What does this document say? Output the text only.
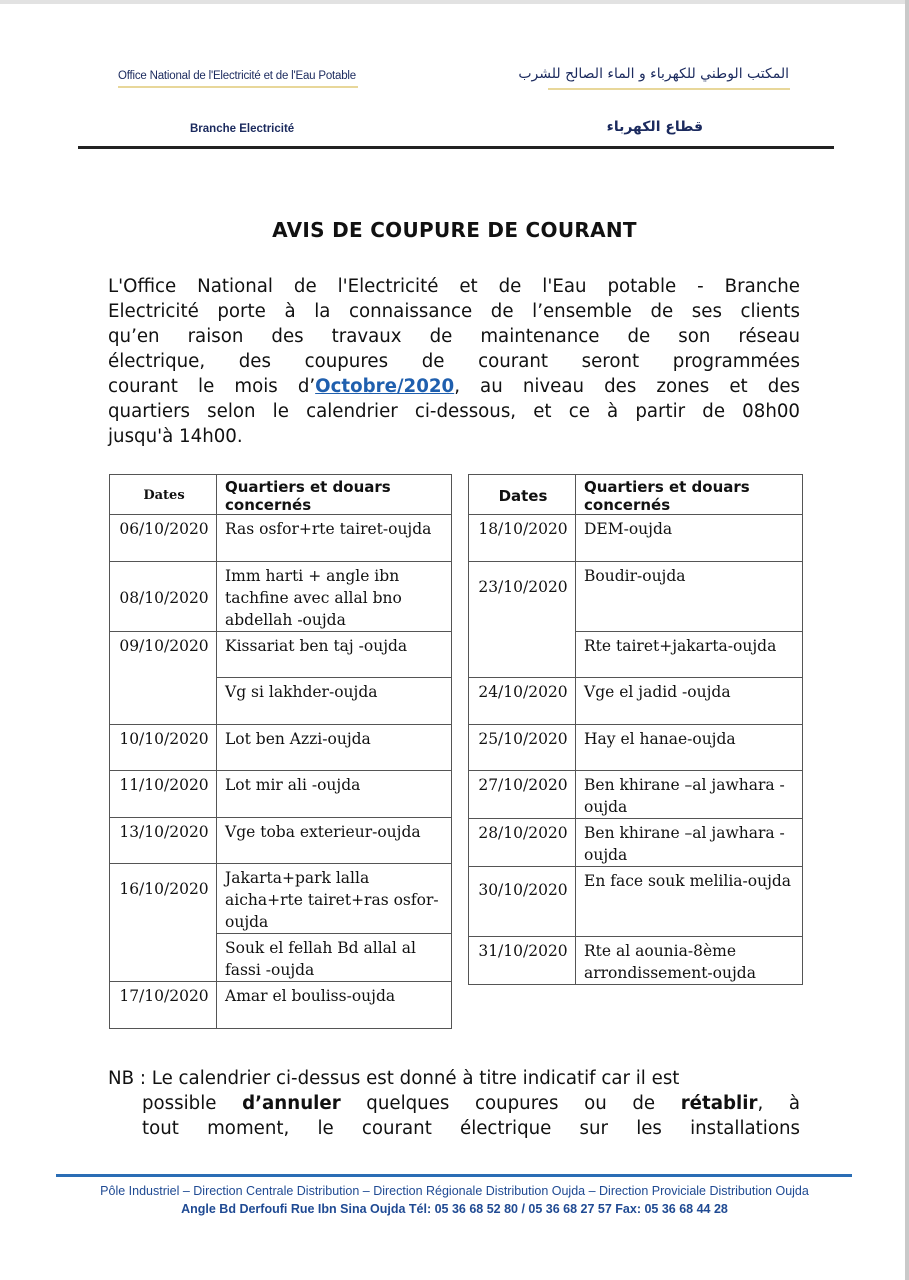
Office National de l'Electricité et de l'Eau Potable
Branche Electricité
المكتب الوطني للكهرباء و الماء الصالح للشرب
قطاع الكهرباء
AVIS DE COUPURE DE COURANT
L'Office National de l'Electricité et de l'Eau potable - Branche
Electricité porte à la connaissance de l’ensemble de ses clients
qu’en raison des travaux de maintenance de son réseau
électrique, des coupures de courant seront programmées
courant le mois d’Octobre/2020, au niveau des zones et des
quartiers selon le calendrier ci-dessous, et ce à partir de 08h00
jusqu'à 14h00.
Dates	Quartiers et douars concernés
06/10/2020	Ras osfor+rte tairet-oujda
08/10/2020	Imm harti + angle ibn tachfine avec allal bno abdellah -oujda
09/10/2020	Kissariat ben taj -oujda
	Vg si lakhder-oujda
10/10/2020	Lot ben Azzi-oujda
11/10/2020	Lot mir ali -oujda
13/10/2020	Vge toba exterieur-oujda
16/10/2020	Jakarta+park lalla aicha+rte tairet+ras osfor-oujda
	Souk el fellah Bd allal al fassi -oujda
17/10/2020	Amar el bouliss-oujda
Dates	Quartiers et douars concernés
18/10/2020	DEM-oujda
23/10/2020	Boudir-oujda
	Rte tairet+jakarta-oujda
24/10/2020	Vge el jadid -oujda
25/10/2020	Hay el hanae-oujda
27/10/2020	Ben khirane –al jawhara -oujda
28/10/2020	Ben khirane –al jawhara -oujda
30/10/2020	En face souk melilia-oujda
31/10/2020	Rte al aounia-8ème arrondissement-oujda
NB : Le calendrier ci-dessus est donné à titre indicatif car il est
possible d’annuler quelques coupures ou de rétablir, à
tout moment, le courant électrique sur les installations
Pôle Industriel – Direction Centrale Distribution – Direction Régionale Distribution Oujda – Direction Proviciale Distribution Oujda
Angle Bd Derfoufi Rue Ibn Sina Oujda Tél: 05 36 68 52 80 / 05 36 68 27 57 Fax: 05 36 68 44 28
